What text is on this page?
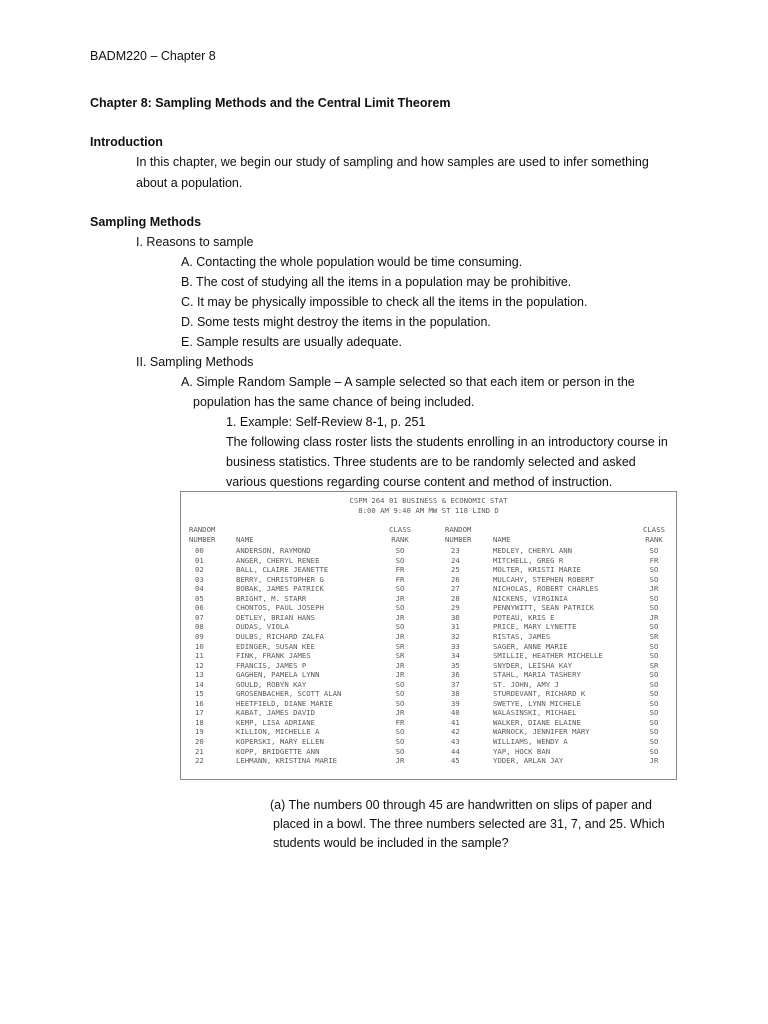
BADM220 – Chapter 8
Chapter 8: Sampling Methods and the Central Limit Theorem
Introduction
In this chapter, we begin our study of sampling and how samples are used to infer something
about a population.
Sampling Methods
I. Reasons to sample
A. Contacting the whole population would be time consuming.
B. The cost of studying all the items in a population may be prohibitive.
C. It may be physically impossible to check all the items in the population.
D. Some tests might destroy the items in the population.
E. Sample results are usually adequate.
II. Sampling Methods
A. Simple Random Sample – A sample selected so that each item or person in the
population has the same chance of being included.
1. Example: Self-Review 8-1, p. 251
The following class roster lists the students enrolling in an introductory course in
business statistics. Three students are to be randomly selected and asked
various questions regarding course content and method of instruction.
CSPM 264 01 BUSINESS & ECONOMIC STAT
8:00 AM 9:40 AM MW ST 118 LIND D
RANDOM
NUMBER	NAME
CLASS
RANK
RANDOM
NUMBER	NAME
CLASS
RANK
00	ANDERSON, RAYMOND	SO
01	ANGER, CHERYL RENEE	SO
02	BALL, CLAIRE JEANETTE	FR
03	BERRY, CHRISTOPHER G	FR
04	BOBAK, JAMES PATRICK	SO
05	BRIGHT, M. STARR	JR
06	CHONTOS, PAUL JOSEPH	SO
07	DETLEY, BRIAN HANS	JR
08	DUDAS, VIOLA	SO
09	DULBS, RICHARD ZALFA	JR
10	EDINGER, SUSAN KEE	SR
11	FINK, FRANK JAMES	SR
12	FRANCIS, JAMES P	JR
13	GAGHEN, PAMELA LYNN	JR
14	GOULD, ROBYN KAY	SO
15	GROSENBACHER, SCOTT ALAN	SO
16	HEETFIELD, DIANE MARIE	SO
17	KABAT, JAMES DAVID	JR
18	KEMP, LISA ADRIANE	FR
19	KILLION, MICHELLE A	SO
20	KOPERSKI, MARY ELLEN	SO
21	KOPP, BRIDGETTE ANN	SO
22	LEHMANN, KRISTINA MARIE	JR
23	MEDLEY, CHERYL ANN	SO
24	MITCHELL, GREG R	FR
25	MOLTER, KRISTI MARIE	SO
26	MULCAHY, STEPHEN ROBERT	SO
27	NICHOLAS, ROBERT CHARLES	JR
28	NICKENS, VIRGINIA	SO
29	PENNYWITT, SEAN PATRICK	SO
30	POTEAU, KRIS E	JR
31	PRICE, MARY LYNETTE	SO
32	RISTAS, JAMES	SR
33	SAGER, ANNE MARIE	SO
34	SMILLIE, HEATHER MICHELLE	SO
35	SNYDER, LEISHA KAY	SR
36	STAHL, MARIA TASHERY	SO
37	ST. JOHN, AMY J	SO
38	STURDEVANT, RICHARD K	SO
39	SWETYE, LYNN MICHELE	SO
40	WALASINSKI, MICHAEL	SO
41	WALKER, DIANE ELAINE	SO
42	WARNOCK, JENNIFER MARY	SO
43	WILLIAMS, WENDY A	SO
44	YAP, HOCK BAN	SO
45	YODER, ARLAN JAY	JR
(a) The numbers 00 through 45 are handwritten on slips of paper and
placed in a bowl. The three numbers selected are 31, 7, and 25. Which
students would be included in the sample?
